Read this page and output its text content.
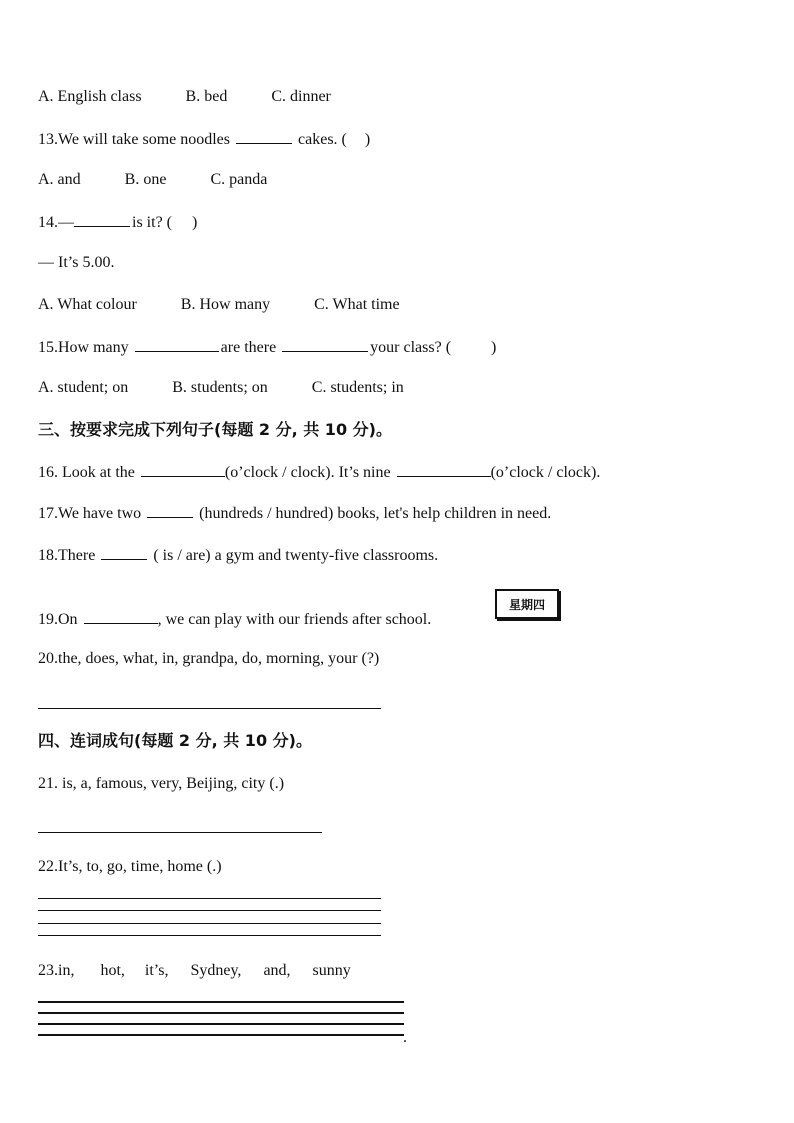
A. English class	B. bed	C. dinner
13.We will take some noodles	cakes. ( )
A. and	B. one	C. panda
14.—	is it? ( )
— It’s 5.00.
A. What colour	B. How many	C. What time
15.How many	are there	your class? (	)
A. student; on	B. students; on	C. students; in
三、按要求完成下列句子(每题 2 分, 共 10 分)。
16. Look at the	(o’clock / clock). It’s nine	(o’clock / clock).
17.We have two	(hundreds / hundred) books, let's help children in need.
18.There	( is / are) a gym and twenty-five classrooms.
19.On	, we can play with our friends after school.
星期四
20.the, does, what, in, grandpa, do, morning, your (?)
四、连词成句(每题 2 分, 共 10 分)。
21. is, a, famous, very, Beijing, city (.)
22.It’s, to, go, time, home (.)
23.in, hot, it’s, Sydney, and, sunny
.
